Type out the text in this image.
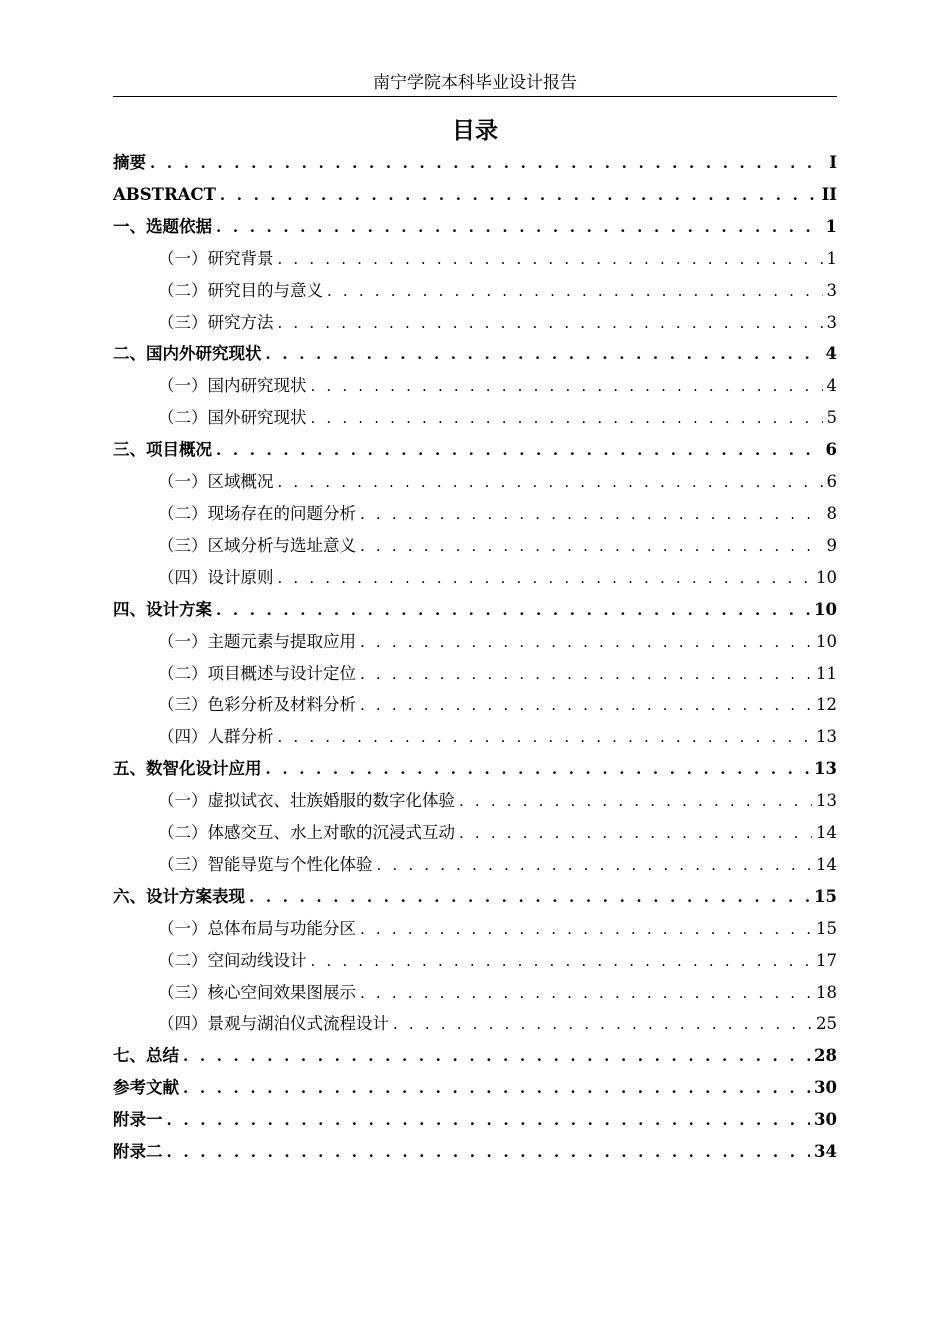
南宁学院本科毕业设计报告
目录
摘要 . . .	I
ABSTRACT . . .	II
一、选题依据 . . .	1
（一）研究背景 . . .	1
（二）研究目的与意义 . . .	3
（三）研究方法 . . .	3
二、国内外研究现状 . . .	4
（一）国内研究现状 . . .	4
（二）国外研究现状 . . .	5
三、项目概况 . . .	6
（一）区域概况 . . .	6
（二）现场存在的问题分析 . . .	8
（三）区域分析与选址意义 . . .	9
（四）设计原则 . . .	10
四、设计方案 . . .	10
（一）主题元素与提取应用 . . .	10
（二）项目概述与设计定位 . . .	11
（三）色彩分析及材料分析 . . .	12
（四）人群分析 . . .	13
五、数智化设计应用 . . .	13
（一）虚拟试衣、壮族婚服的数字化体验 . . .	13
（二）体感交互、水上对歌的沉浸式互动 . . .	14
（三）智能导览与个性化体验 . . .	14
六、设计方案表现 . . .	15
（一）总体布局与功能分区 . . .	15
（二）空间动线设计 . . .	17
（三）核心空间效果图展示 . . .	18
（四）景观与湖泊仪式流程设计 . . .	25
七、总结 . . .	28
参考文献 . . .	30
附录一 . . .	30
附录二 . . .	34
